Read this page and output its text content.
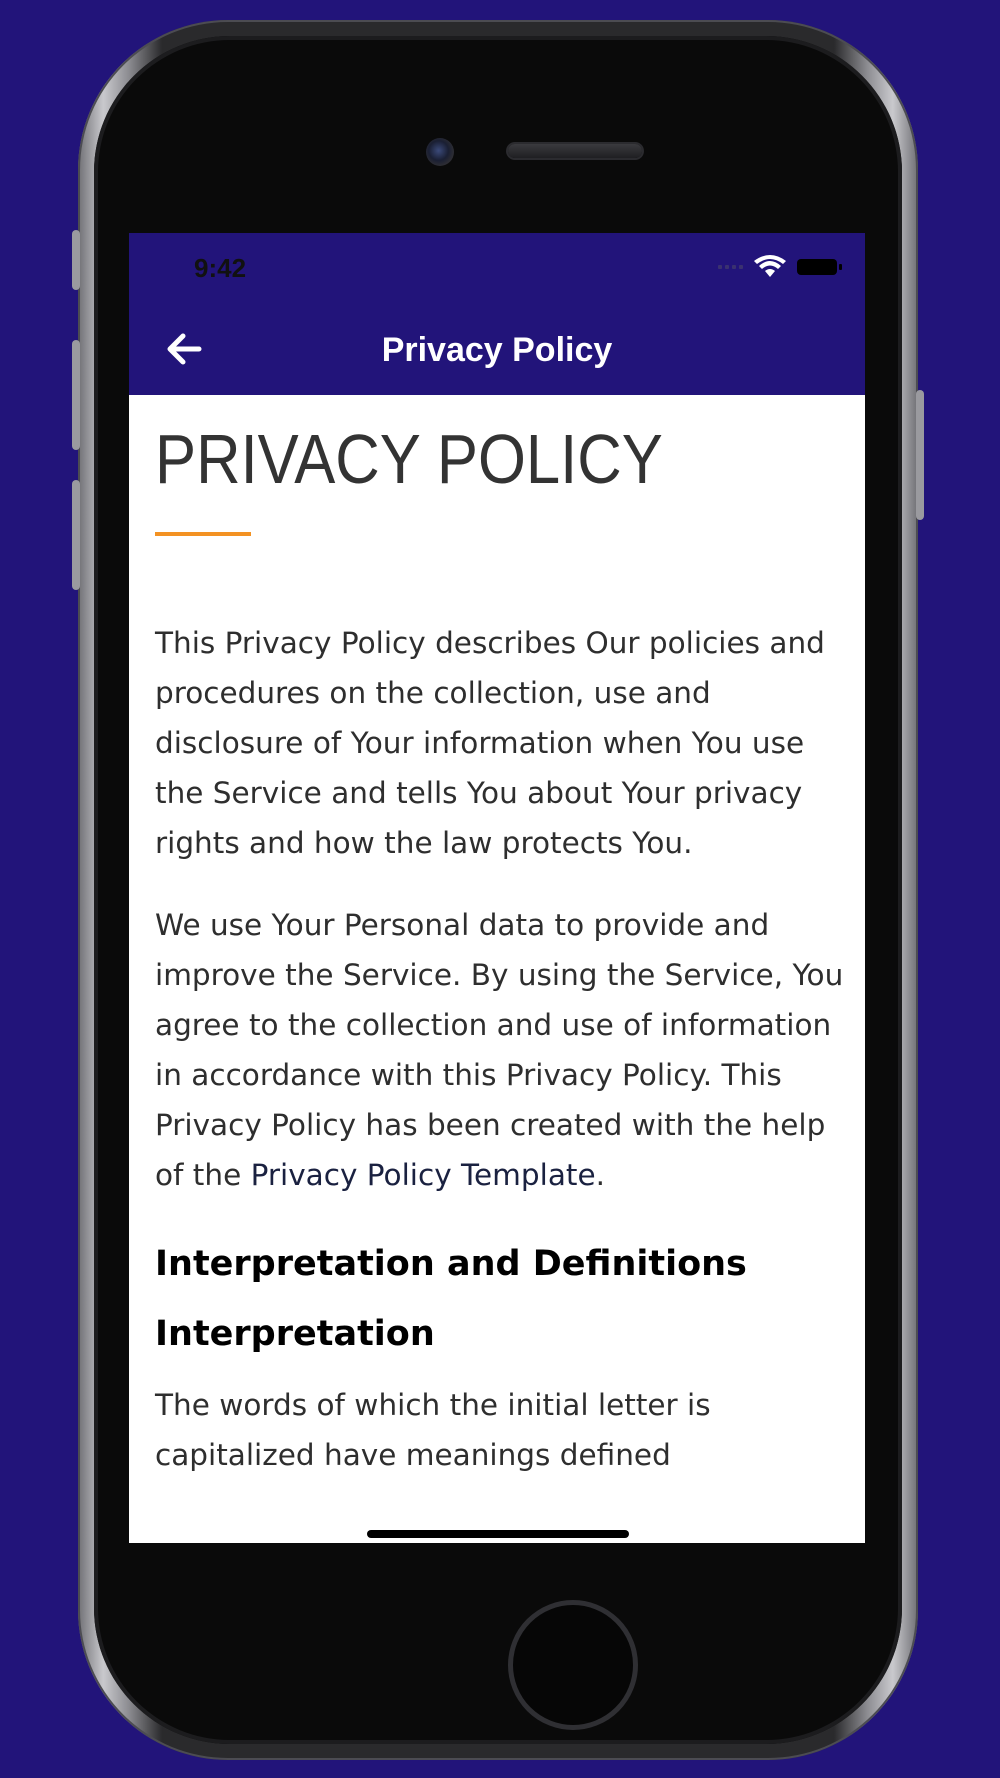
9:42
Privacy Policy
PRIVACY POLICY

This Privacy Policy describes Our policies and procedures on the collection, use and disclosure of Your information when You use the Service and tells You about Your privacy rights and how the law protects You.

We use Your Personal data to provide and improve the Service. By using the Service, You agree to the collection and use of information in accordance with this Privacy Policy. This Privacy Policy has been created with the help of the Privacy Policy Template.

Interpretation and Definitions
Interpretation

The words of which the initial letter is capitalized have meanings defined
